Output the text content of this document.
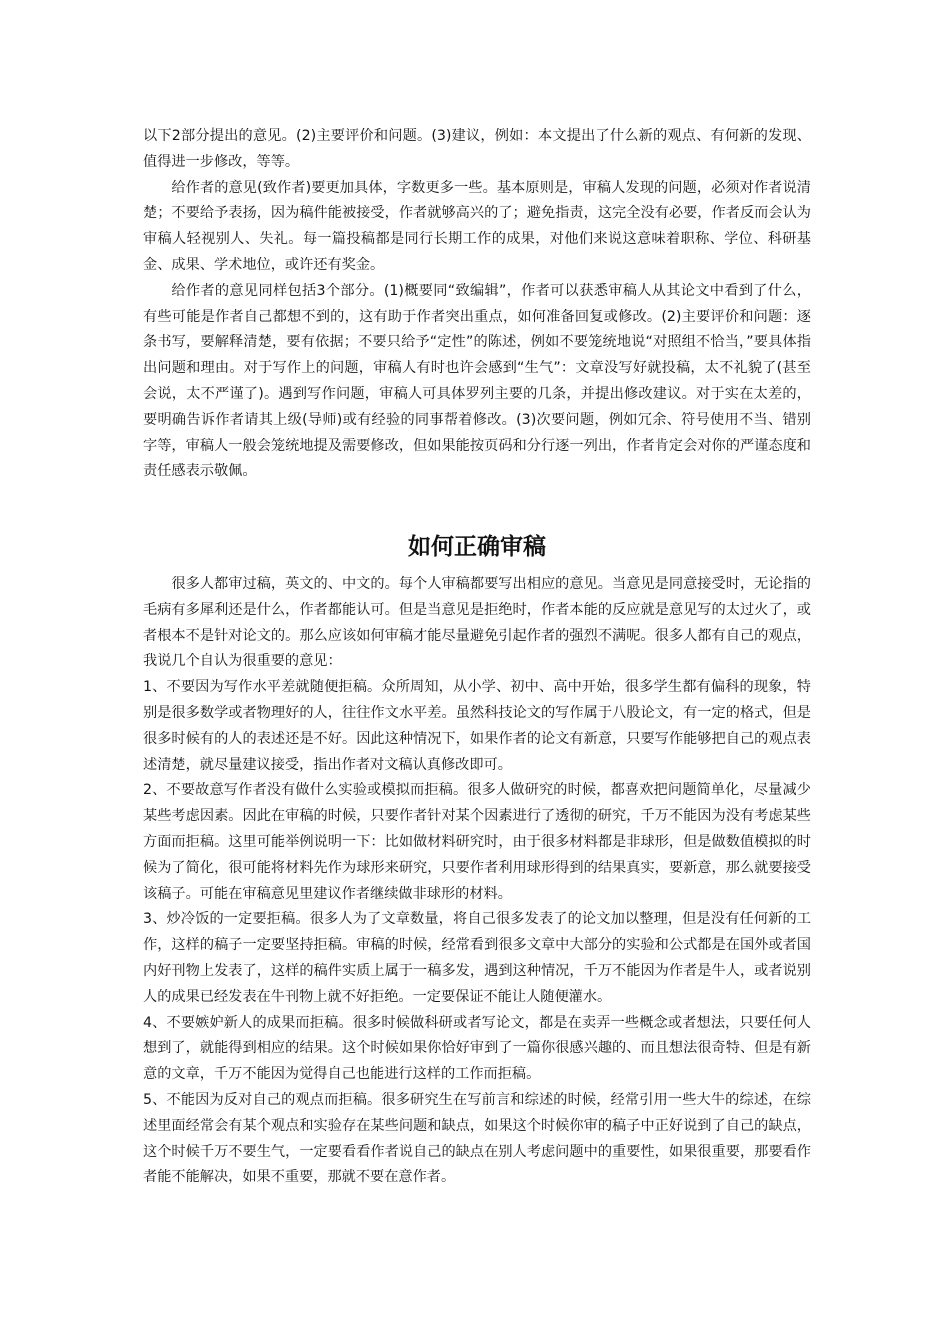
以下2部分提出的意见。(2)主要评价和问题。(3)建议，例如：本文提出了什么新的观点、有何新的发现、值得进一步修改，等等。

给作者的意见(致作者)要更加具体，字数更多一些。基本原则是，审稿人发现的问题，必须对作者说清楚；不要给予表扬，因为稿件能被接受，作者就够高兴的了；避免指责，这完全没有必要，作者反而会认为审稿人轻视别人、失礼。每一篇投稿都是同行长期工作的成果，对他们来说这意味着职称、学位、科研基金、成果、学术地位，或许还有奖金。

给作者的意见同样包括3个部分。(1)概要同“致编辑”，作者可以获悉审稿人从其论文中看到了什么，有些可能是作者自己都想不到的，这有助于作者突出重点，如何准备回复或修改。(2)主要评价和问题：逐条书写，要解释清楚，要有依据；不要只给予“定性”的陈述，例如不要笼统地说“对照组不恰当，”要具体指出问题和理由。对于写作上的问题，审稿人有时也许会感到“生气”：文章没写好就投稿，太不礼貌了(甚至会说，太不严谨了)。遇到写作问题，审稿人可具体罗列主要的几条，并提出修改建议。对于实在太差的，要明确告诉作者请其上级(导师)或有经验的同事帮着修改。(3)次要问题，例如冗余、符号使用不当、错别字等，审稿人一般会笼统地提及需要修改，但如果能按页码和分行逐一列出，作者肯定会对你的严谨态度和责任感表示敬佩。

如何正确审稿

很多人都审过稿，英文的、中文的。每个人审稿都要写出相应的意见。当意见是同意接受时，无论指的毛病有多犀利还是什么，作者都能认可。但是当意见是拒绝时，作者本能的反应就是意见写的太过火了，或者根本不是针对论文的。那么应该如何审稿才能尽量避免引起作者的强烈不满呢。很多人都有自己的观点，我说几个自认为很重要的意见：

1、不要因为写作水平差就随便拒稿。众所周知，从小学、初中、高中开始，很多学生都有偏科的现象，特别是很多数学或者物理好的人，往往作文水平差。虽然科技论文的写作属于八股论文，有一定的格式，但是很多时候有的人的表述还是不好。因此这种情况下，如果作者的论文有新意，只要写作能够把自己的观点表述清楚，就尽量建议接受，指出作者对文稿认真修改即可。

2、不要故意写作者没有做什么实验或模拟而拒稿。很多人做研究的时候，都喜欢把问题简单化，尽量减少某些考虑因素。因此在审稿的时候，只要作者针对某个因素进行了透彻的研究，千万不能因为没有考虑某些方面而拒稿。这里可能举例说明一下：比如做材料研究时，由于很多材料都是非球形，但是做数值模拟的时候为了简化，很可能将材料先作为球形来研究，只要作者利用球形得到的结果真实，要新意，那么就要接受该稿子。可能在审稿意见里建议作者继续做非球形的材料。

3、炒冷饭的一定要拒稿。很多人为了文章数量，将自己很多发表了的论文加以整理，但是没有任何新的工作，这样的稿子一定要坚持拒稿。审稿的时候，经常看到很多文章中大部分的实验和公式都是在国外或者国内好刊物上发表了，这样的稿件实质上属于一稿多发，遇到这种情况，千万不能因为作者是牛人，或者说别人的成果已经发表在牛刊物上就不好拒绝。一定要保证不能让人随便灌水。

4、不要嫉妒新人的成果而拒稿。很多时候做科研或者写论文，都是在卖弄一些概念或者想法，只要任何人想到了，就能得到相应的结果。这个时候如果你恰好审到了一篇你很感兴趣的、而且想法很奇特、但是有新意的文章，千万不能因为觉得自己也能进行这样的工作而拒稿。

5、不能因为反对自己的观点而拒稿。很多研究生在写前言和综述的时候，经常引用一些大牛的综述，在综述里面经常会有某个观点和实验存在某些问题和缺点，如果这个时候你审的稿子中正好说到了自己的缺点，这个时候千万不要生气，一定要看看作者说自己的缺点在别人考虑问题中的重要性，如果很重要，那要看作者能不能解决，如果不重要，那就不要在意作者。
